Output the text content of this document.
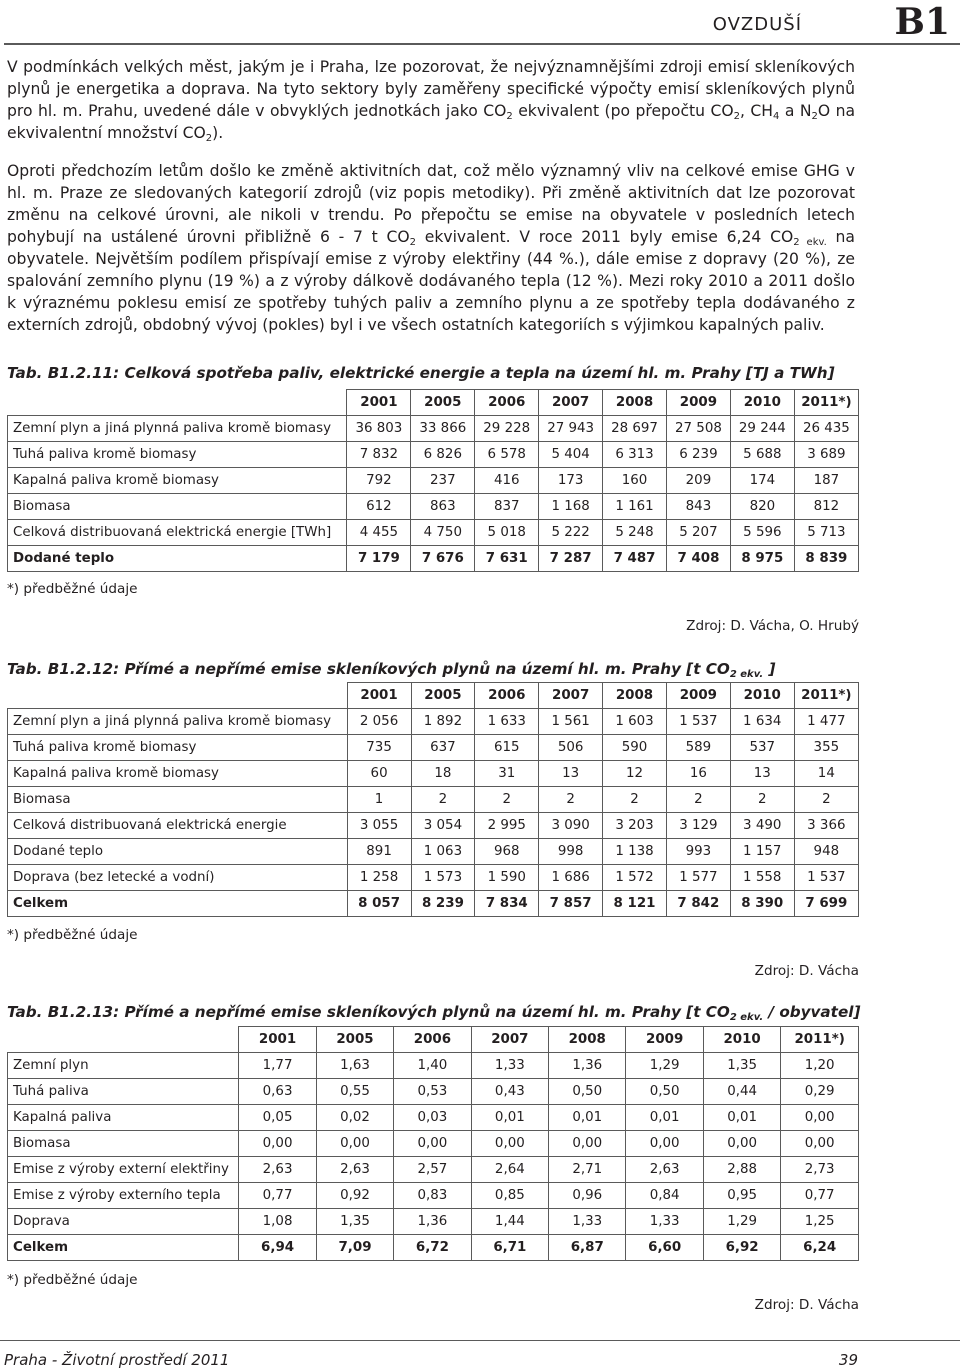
OVZDUŠÍ	B1

V podmínkách velkých měst, jakým je i Praha, lze pozorovat, že nejvýznamnějšími zdroji emisí skleníkových plynů je energetika a doprava. Na tyto sektory byly zaměřeny specifické výpočty emisí skleníkových plynů pro hl. m. Prahu, uvedené dále v obvyklých jednotkách jako $CO_2$ ekvivalent (po přepočtu $CO_2$, $CH_4$ a $N_2O$ na ekvivalentní množství $CO_2$).

Oproti předchozím letům došlo ke změně aktivitních dat, což mělo významný vliv na celkové emise GHG v hl. m. Praze ze sledovaných kategorií zdrojů (viz popis metodiky). Při změně aktivitních dat lze pozorovat změnu na celkové úrovni, ale nikoli v trendu. Po přepočtu se emise na obyvatele v posledních letech pohybují na ustálené úrovni přibližně 6 - 7 t $CO_2$ ekvivalent. V roce 2011 byly emise 6,24 $CO_{2 ekv.}$ na obyvatele. Největším podílem přispívají emise z výroby elektřiny (44 %.), dále emise z dopravy (20 %), ze spalování zemního plynu (19 %) a z výroby dálkově dodávaného tepla (12 %). Mezi roky 2010 a 2011 došlo k výraznému poklesu emisí ze spotřeby tuhých paliv a zemního plynu a ze spotřeby tepla dodávaného z externích zdrojů, obdobný vývoj (pokles) byl i ve všech ostatních kategoriích s výjimkou kapalných paliv.

Tab. B1.2.11: Celková spotřeba paliv, elektrické energie a tepla na území hl. m. Prahy [TJ a TWh]
	2001	2005	2006	2007	2008	2009	2010	2011*)
Zemní plyn a jiná plynná paliva kromě biomasy	36 803	33 866	29 228	27 943	28 697	27 508	29 244	26 435
Tuhá paliva kromě biomasy	7 832	6 826	6 578	5 404	6 313	6 239	5 688	3 689
Kapalná paliva kromě biomasy	792	237	416	173	160	209	174	187
Biomasa	612	863	837	1 168	1 161	843	820	812
Celková distribuovaná elektrická energie [TWh]	4 455	4 750	5 018	5 222	5 248	5 207	5 596	5 713
Dodané teplo	7 179	7 676	7 631	7 287	7 487	7 408	8 975	8 839
*) předběžné údaje
Zdroj: D. Vácha, O. Hrubý
Tab. B1.2.12: Přímé a nepřímé emise skleníkových plynů na území hl. m. Prahy [t $CO_{2 ekv.}$ ]
	2001	2005	2006	2007	2008	2009	2010	2011*)
Zemní plyn a jiná plynná paliva kromě biomasy	2 056	1 892	1 633	1 561	1 603	1 537	1 634	1 477
Tuhá paliva kromě biomasy	735	637	615	506	590	589	537	355
Kapalná paliva kromě biomasy	60	18	31	13	12	16	13	14
Biomasa	1	2	2	2	2	2	2	2
Celková distribuovaná elektrická energie	3 055	3 054	2 995	3 090	3 203	3 129	3 490	3 366
Dodané teplo	891	1 063	968	998	1 138	993	1 157	948
Doprava (bez letecké a vodní)	1 258	1 573	1 590	1 686	1 572	1 577	1 558	1 537
Celkem	8 057	8 239	7 834	7 857	8 121	7 842	8 390	7 699
*) předběžné údaje
Zdroj: D. Vácha
Tab. B1.2.13: Přímé a nepřímé emise skleníkových plynů na území hl. m. Prahy [t $CO_{2 ekv.}$ / obyvatel]
	2001	2005	2006	2007	2008	2009	2010	2011*)
Zemní plyn	1,77	1,63	1,40	1,33	1,36	1,29	1,35	1,20
Tuhá paliva	0,63	0,55	0,53	0,43	0,50	0,50	0,44	0,29
Kapalná paliva	0,05	0,02	0,03	0,01	0,01	0,01	0,01	0,00
Biomasa	0,00	0,00	0,00	0,00	0,00	0,00	0,00	0,00
Emise z výroby externí elektřiny	2,63	2,63	2,57	2,64	2,71	2,63	2,88	2,73
Emise z výroby externího tepla	0,77	0,92	0,83	0,85	0,96	0,84	0,95	0,77
Doprava	1,08	1,35	1,36	1,44	1,33	1,33	1,29	1,25
Celkem	6,94	7,09	6,72	6,71	6,87	6,60	6,92	6,24
*) předběžné údaje
Zdroj: D. Vácha
Praha - Životní prostředí 2011	39
